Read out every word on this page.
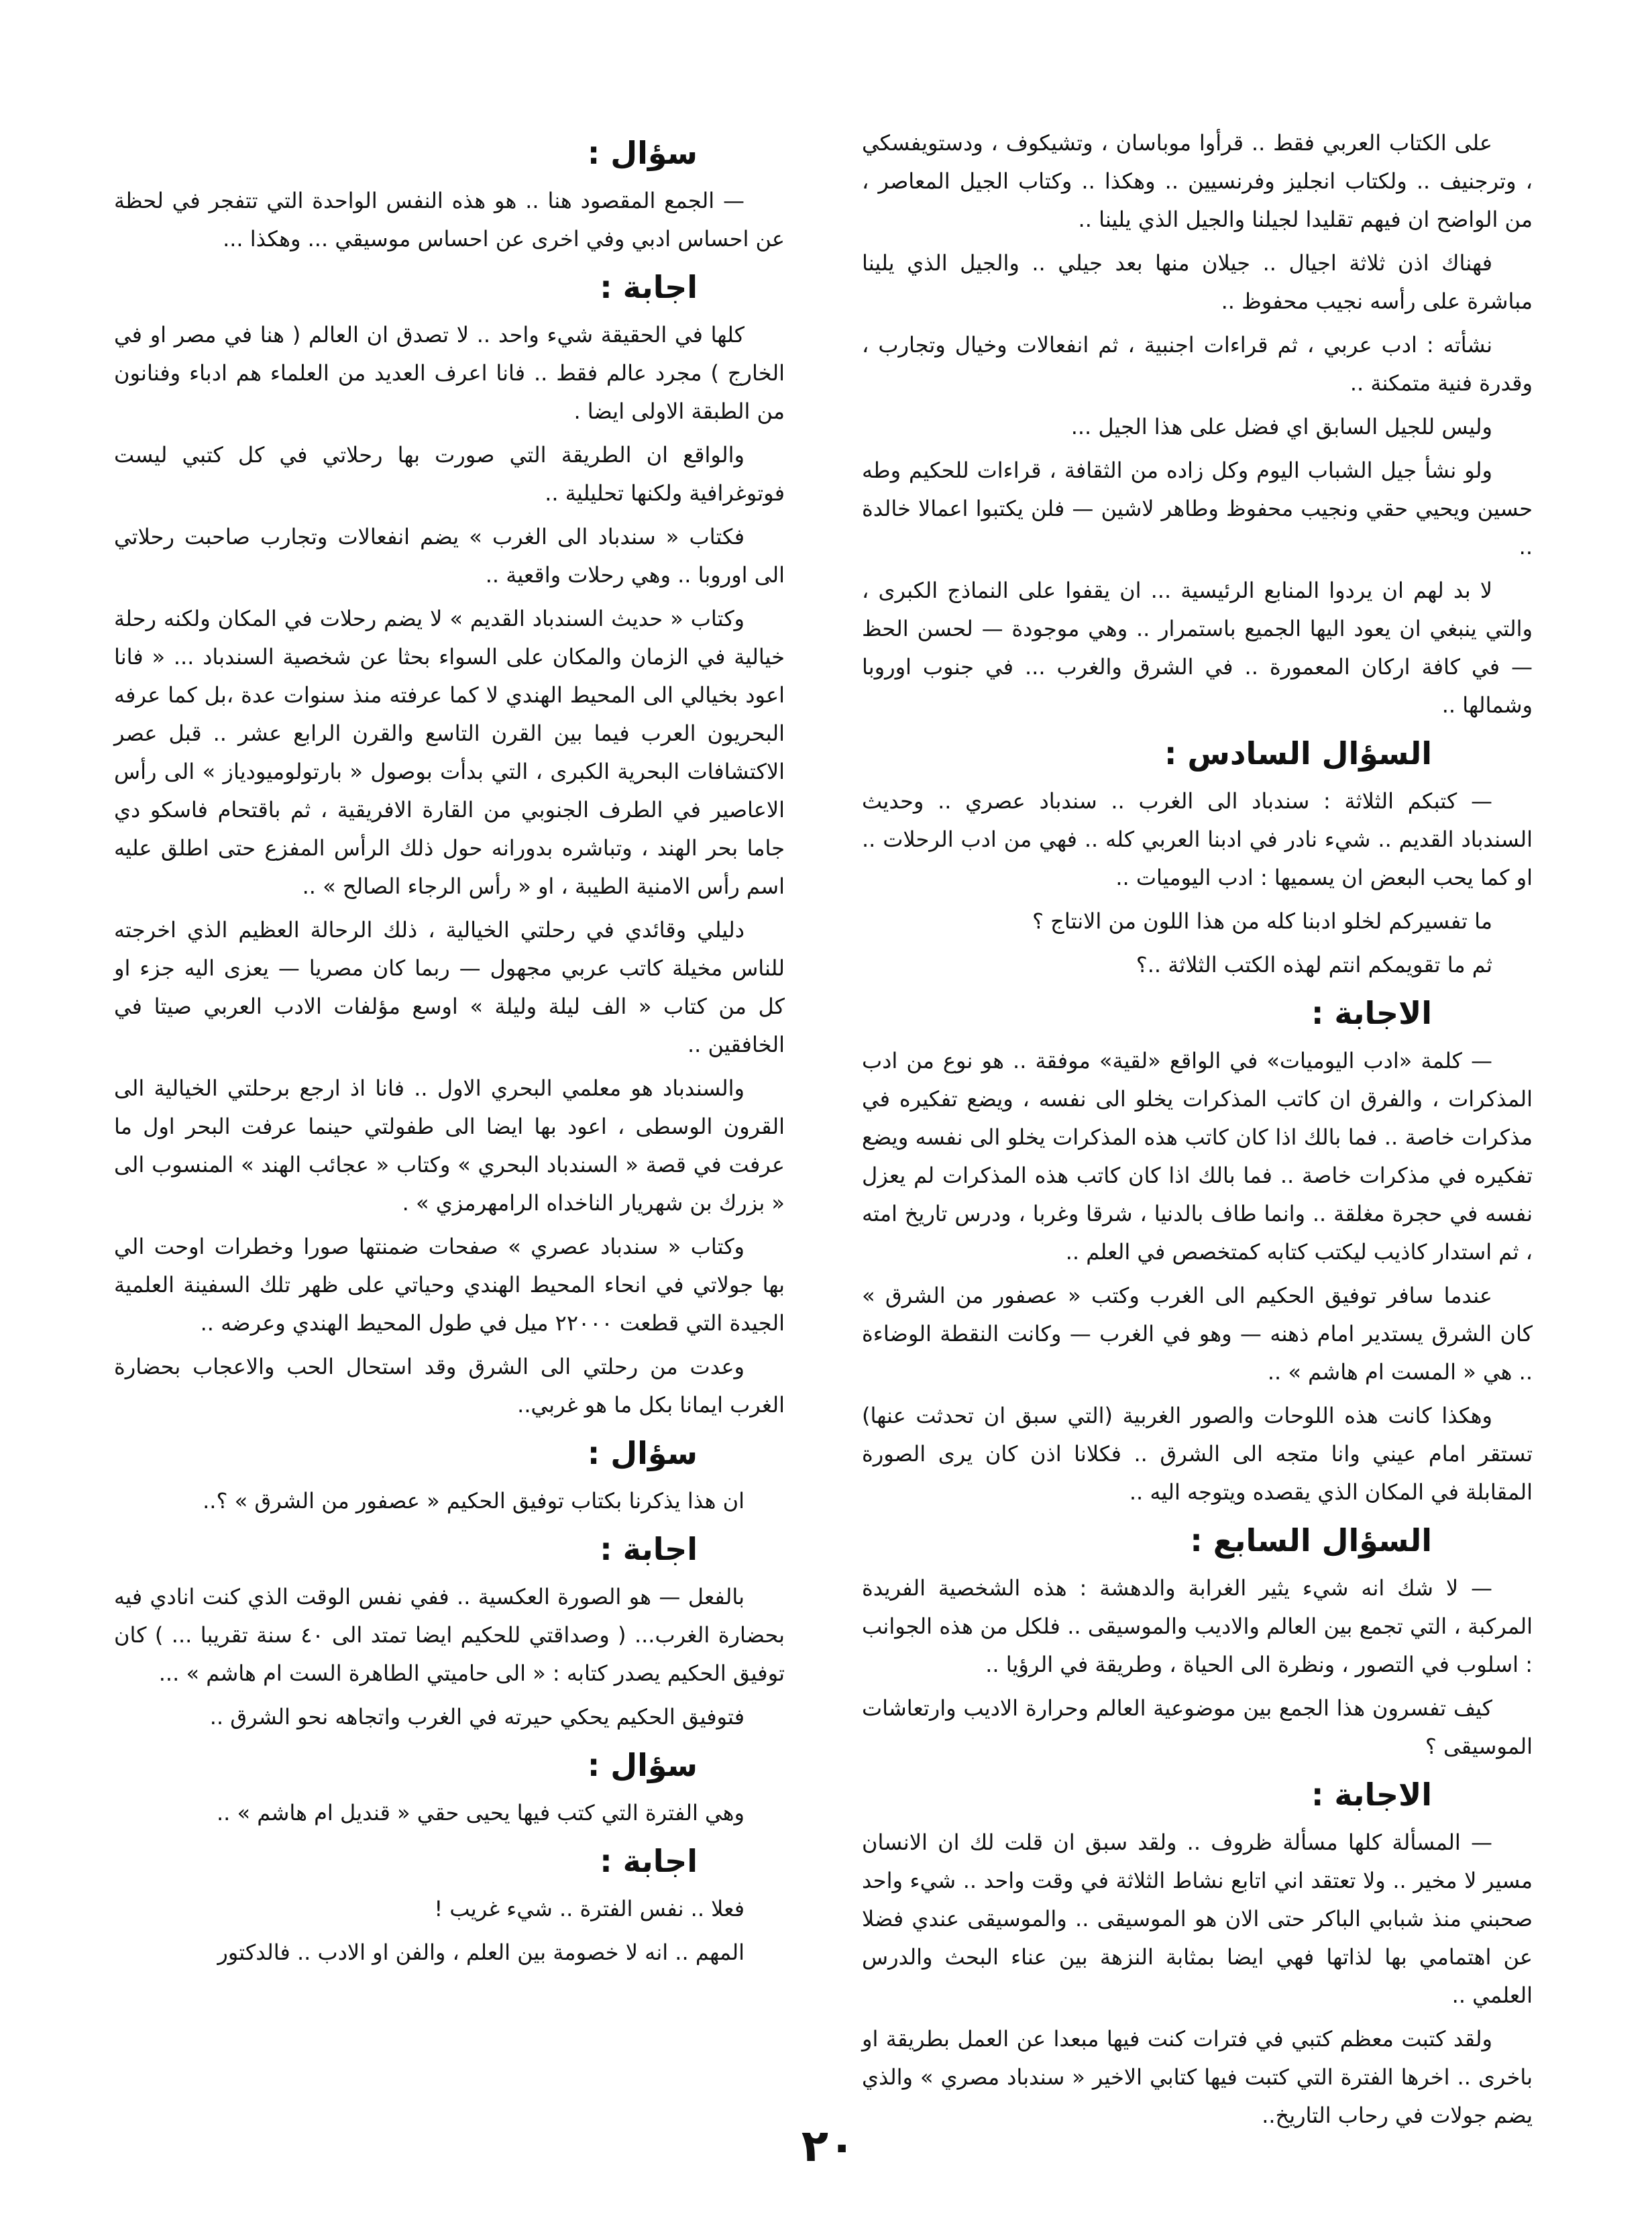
على الكتاب العربي فقط .. قرأوا موباسان ، وتشيكوف ، ودستويفسكي ، وترجنيف .. ولكتاب انجليز وفرنسيين .. وهكذا .. وكتاب الجيل المعاصر ، من الواضح ان فيهم تقليدا لجيلنا والجيل الذي يلينا ..

فهناك اذن ثلاثة اجيال .. جيلان منها بعد جيلي .. والجيل الذي يلينا مباشرة على رأسه نجيب محفوظ ..

نشأته : ادب عربي ، ثم قراءات اجنبية ، ثم انفعالات وخيال وتجارب ، وقدرة فنية متمكنة ..

وليس للجيل السابق اي فضل على هذا الجيل ...

ولو نشأ جيل الشباب اليوم وكل زاده من الثقافة ، قراءات للحكيم وطه حسين ويحيي حقي ونجيب محفوظ وطاهر لاشين — فلن يكتبوا اعمالا خالدة ..

لا بد لهم ان يردوا المنابع الرئيسية ... ان يقفوا على النماذج الكبرى ، والتي ينبغي ان يعود اليها الجميع باستمرار .. وهي موجودة — لحسن الحظ — في كافة اركان المعمورة .. في الشرق والغرب ... في جنوب اوروبا وشمالها ..

السؤال السادس :

— كتبكم الثلاثة : سندباد الى الغرب .. سندباد عصري .. وحديث السندباد القديم .. شيء نادر في ادبنا العربي كله .. فهي من ادب الرحلات .. او كما يحب البعض ان يسميها : ادب اليوميات ..

ما تفسيركم لخلو ادبنا كله من هذا اللون من الانتاج ؟

ثم ما تقويمكم انتم لهذه الكتب الثلاثة ..؟

الاجابة :

— كلمة «ادب اليوميات» في الواقع «لقية» موفقة .. هو نوع من ادب المذكرات ، والفرق ان كاتب المذكرات يخلو الى نفسه ، ويضع تفكيره في مذكرات خاصة .. فما بالك اذا كان كاتب هذه المذكرات يخلو الى نفسه ويضع تفكيره في مذكرات خاصة .. فما بالك اذا كان كاتب هذه المذكرات لم يعزل نفسه في حجرة مغلقة .. وانما طاف بالدنيا ، شرقا وغربا ، ودرس تاريخ امته ، ثم استدار كاذيب ليكتب كتابه كمتخصص في العلم ..

عندما سافر توفيق الحكيم الى الغرب وكتب « عصفور من الشرق » كان الشرق يستدير امام ذهنه — وهو في الغرب — وكانت النقطة الوضاءة .. هي « المست ام هاشم » ..

وهكذا كانت هذه اللوحات والصور الغربية (التي سبق ان تحدثت عنها) تستقر امام عيني وانا متجه الى الشرق .. فكلانا اذن كان يرى الصورة المقابلة في المكان الذي يقصده ويتوجه اليه ..

السؤال السابع :

— لا شك انه شيء يثير الغرابة والدهشة : هذه الشخصية الفريدة المركبة ، التي تجمع بين العالم والاديب والموسيقى .. فلكل من هذه الجوانب : اسلوب في التصور ، ونظرة الى الحياة ، وطريقة في الرؤيا ..

كيف تفسرون هذا الجمع بين موضوعية العالم وحرارة الاديب وارتعاشات الموسيقى ؟

الاجابة :

— المسألة كلها مسألة ظروف .. ولقد سبق ان قلت لك ان الانسان مسير لا مخير .. ولا تعتقد اني اتابع نشاط الثلاثة في وقت واحد .. شيء واحد صحبني منذ شبابي الباكر حتى الان هو الموسيقى .. والموسيقى عندي فضلا عن اهتمامي بها لذاتها فهي ايضا بمثابة النزهة بين عناء البحث والدرس العلمي ..

ولقد كتبت معظم كتبي في فترات كنت فيها مبعدا عن العمل بطريقة او باخرى .. اخرها الفترة التي كتبت فيها كتابي الاخير « سندباد مصري » والذي يضم جولات في رحاب التاريخ..

سؤال :

— الجمع المقصود هنا .. هو هذه النفس الواحدة التي تتفجر في لحظة عن احساس ادبي وفي اخرى عن احساس موسيقي ... وهكذا ...

اجابة :

كلها في الحقيقة شيء واحد .. لا تصدق ان العالم ( هنا في مصر او في الخارج ) مجرد عالم فقط .. فانا اعرف العديد من العلماء هم ادباء وفنانون من الطبقة الاولى ايضا .

والواقع ان الطريقة التي صورت بها رحلاتي في كل كتبي ليست فوتوغرافية ولكنها تحليلية ..

فكتاب « سندباد الى الغرب » يضم انفعالات وتجارب صاحبت رحلاتي الى اوروبا .. وهي رحلات واقعية ..

وكتاب « حديث السندباد القديم » لا يضم رحلات في المكان ولكنه رحلة خيالية في الزمان والمكان على السواء بحثا عن شخصية السندباد ... « فانا اعود بخيالي الى المحيط الهندي لا كما عرفته منذ سنوات عدة ،بل كما عرفه البحريون العرب فيما بين القرن التاسع والقرن الرابع عشر .. قبل عصر الاكتشافات البحرية الكبرى ، التي بدأت بوصول « بارتولوميودياز » الى رأس الاعاصير في الطرف الجنوبي من القارة الافريقية ، ثم باقتحام فاسكو دي جاما بحر الهند ، وتباشره بدورانه حول ذلك الرأس المفزع حتى اطلق عليه اسم رأس الامنية الطيبة ، او « رأس الرجاء الصالح » ..

دليلي وقائدي في رحلتي الخيالية ، ذلك الرحالة العظيم الذي اخرجته للناس مخيلة كاتب عربي مجهول — ربما كان مصريا — يعزى اليه جزء او كل من كتاب « الف ليلة وليلة » اوسع مؤلفات الادب العربي صيتا في الخافقين ..

والسندباد هو معلمي البحري الاول .. فانا اذ ارجع برحلتي الخيالية الى القرون الوسطى ، اعود بها ايضا الى طفولتي حينما عرفت البحر اول ما عرفت في قصة « السندباد البحري » وكتاب « عجائب الهند » المنسوب الى « بزرك بن شهريار الناخداه الرامهرمزي » .

وكتاب « سندباد عصري » صفحات ضمنتها صورا وخطرات اوحت الي بها جولاتي في انحاء المحيط الهندي وحياتي على ظهر تلك السفينة العلمية الجيدة التي قطعت ٢٢٠٠٠ ميل في طول المحيط الهندي وعرضه ..

وعدت من رحلتي الى الشرق وقد استحال الحب والاعجاب بحضارة الغرب ايمانا بكل ما هو غربي..

سؤال :

ان هذا يذكرنا بكتاب توفيق الحكيم « عصفور من الشرق » ؟..

اجابة :

بالفعل — هو الصورة العكسية .. ففي نفس الوقت الذي كنت انادي فيه بحضارة الغرب... ( وصداقتي للحكيم ايضا تمتد الى ٤٠ سنة تقريبا ... ) كان توفيق الحكيم يصدر كتابه : « الى حاميتي الطاهرة الست ام هاشم » ...

فتوفيق الحكيم يحكي حيرته في الغرب واتجاهه نحو الشرق ..

سؤال :

وهي الفترة التي كتب فيها يحيى حقي « قنديل ام هاشم » ..

اجابة :

فعلا .. نفس الفترة .. شيء غريب !

المهم .. انه لا خصومة بين العلم ، والفن او الادب .. فالدكتور

٢٠
